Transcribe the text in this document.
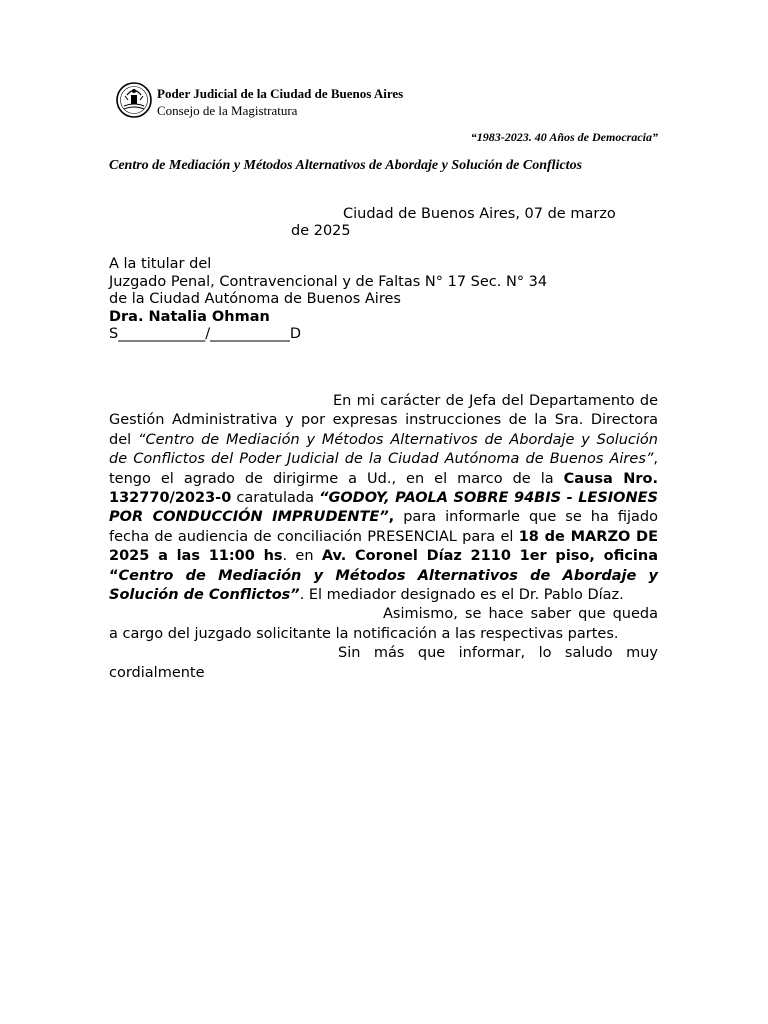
Poder Judicial de la Ciudad de Buenos Aires
Consejo de la Magistratura
“1983-2023. 40 Años de Democracia”
Centro de Mediación y Métodos Alternativos de Abordaje y Solución de Conflictos
Ciudad de Buenos Aires, 07 de marzo
de 2025
A la titular del
Juzgado Penal, Contravencional y de Faltas N° 17 Sec. N° 34
de la Ciudad Autónoma de Buenos Aires
Dra. Natalia Ohman
S____________/___________D

En mi carácter de Jefa del Departamento de Gestión Administrativa y por expresas instrucciones de la Sra. Directora del “Centro de Mediación y Métodos Alternativos de Abordaje y Solución de Conflictos del Poder Judicial de la Ciudad Autónoma de Buenos Aires”, tengo el agrado de dirigirme a Ud., en el marco de la Causa Nro. 132770/2023-0 caratulada “GODOY, PAOLA SOBRE 94BIS - LESIONES POR CONDUCCIÓN IMPRUDENTE”, para informarle que se ha fijado fecha de audiencia de conciliación PRESENCIAL para el 18 de MARZO DE 2025 a las 11:00 hs. en Av. Coronel Díaz 2110 1er piso, oficina “Centro de Mediación y Métodos Alternativos de Abordaje y Solución de Conflictos”. El mediador designado es el Dr. Pablo Díaz.

Asimismo, se hace saber que queda a cargo del juzgado solicitante la notificación a las respectivas partes.

Sin más que informar, lo saludo muy cordialmente
